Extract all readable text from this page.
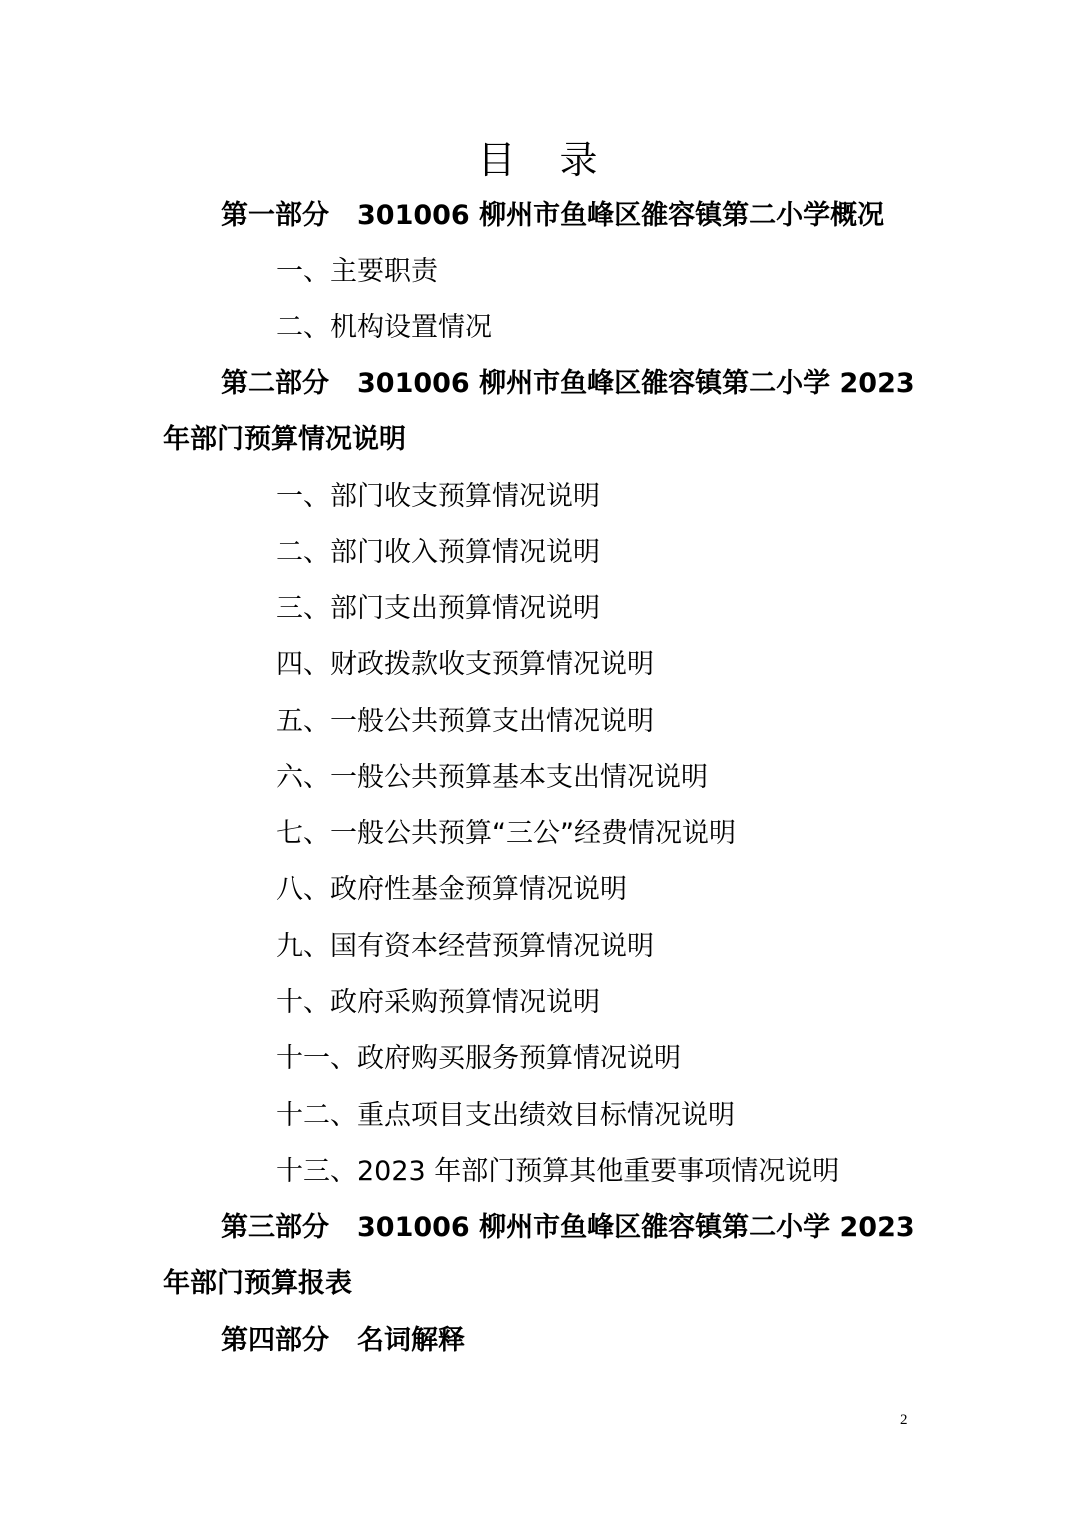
目录
第一部分 301006 柳州市鱼峰区雒容镇第二小学概况
一、主要职责
二、机构设置情况
第二部分 301006 柳州市鱼峰区雒容镇第二小学 2023
年部门预算情况说明
一、部门收支预算情况说明
二、部门收入预算情况说明
三、部门支出预算情况说明
四、财政拨款收支预算情况说明
五、一般公共预算支出情况说明
六、一般公共预算基本支出情况说明
七、一般公共预算“三公”经费情况说明
八、政府性基金预算情况说明
九、国有资本经营预算情况说明
十、政府采购预算情况说明
十一、政府购买服务预算情况说明
十二、重点项目支出绩效目标情况说明
十三、2023 年部门预算其他重要事项情况说明
第三部分 301006 柳州市鱼峰区雒容镇第二小学 2023
年部门预算报表
第四部分 名词解释
2
